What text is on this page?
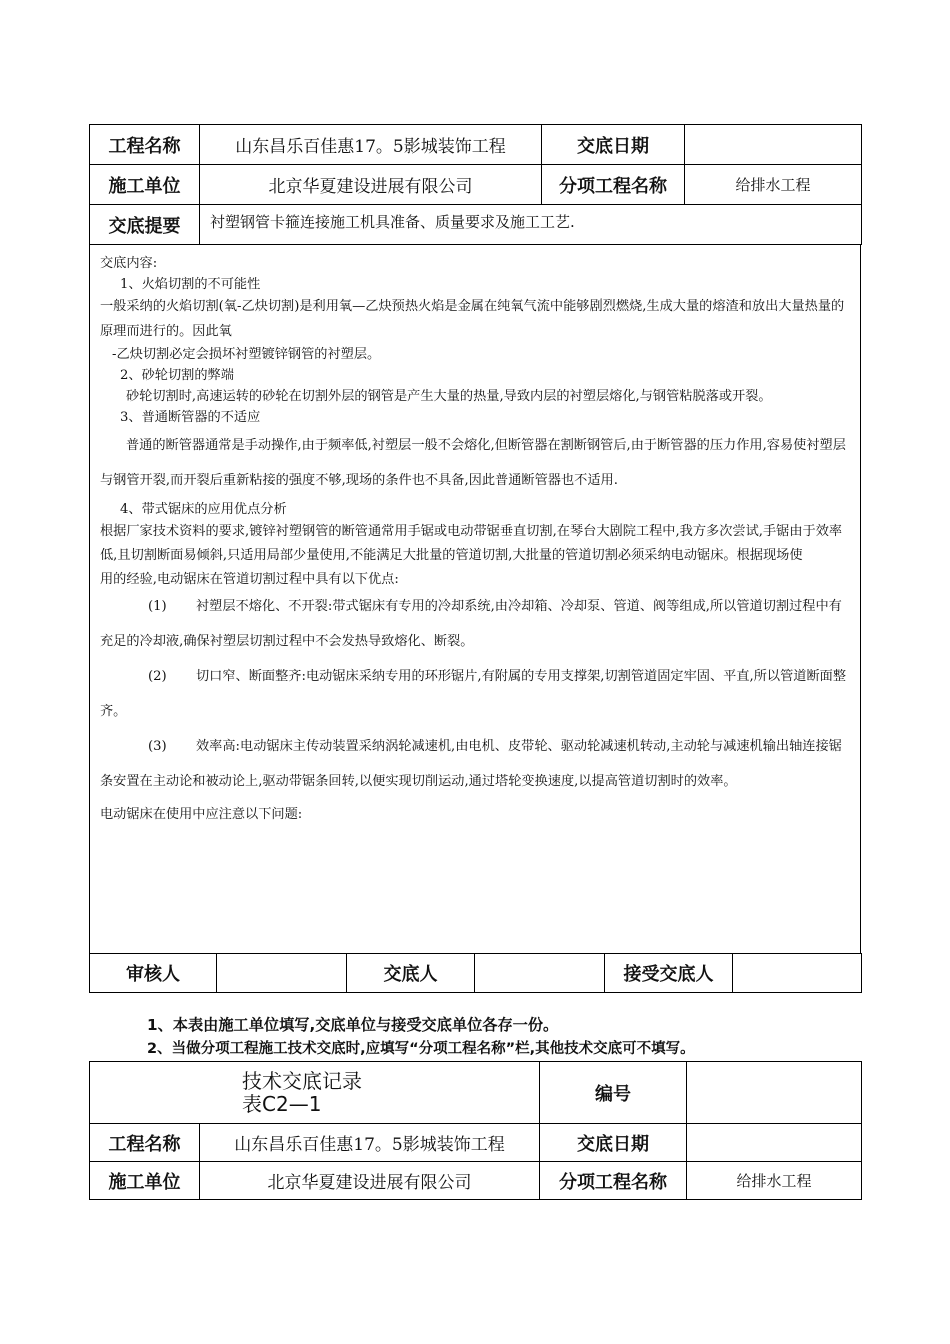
工程名称	山东昌乐百佳惠17。5影城装饰工程	交底日期	
施工单位	北京华夏建设进展有限公司	分项工程名称	给排水工程
交底提要	衬塑钢管卡箍连接施工机具准备、质量要求及施工工艺.		

交底内容:

1、火焰切割的不可能性

一般采纳的火焰切割(氧-乙炔切割)是利用氧—乙炔预热火焰是金属在纯氧气流中能够剧烈燃烧,生成大量的熔渣和放出大量热量的原理而进行的。因此氧

-乙炔切割必定会损坏衬塑镀锌钢管的衬塑层。

2、砂轮切割的弊端

砂轮切割时,高速运转的砂轮在切割外层的钢管是产生大量的热量,导致内层的衬塑层熔化,与钢管粘脱落或开裂。

3、普通断管器的不适应

普通的断管器通常是手动操作,由于频率低,衬塑层一般不会熔化,但断管器在割断钢管后,由于断管器的压力作用,容易使衬塑层与钢管开裂,而开裂后重新粘接的强度不够,现场的条件也不具备,因此普通断管器也不适用.

4、带式锯床的应用优点分析

根据厂家技术资料的要求,镀锌衬塑钢管的断管通常用手锯或电动带锯垂直切割,在琴台大剧院工程中,我方多次尝试,手锯由于效率低,且切割断面易倾斜,只适用局部少量使用,不能满足大批量的管道切割,大批量的管道切割必须采纳电动锯床。根据现场使

用的经验,电动锯床在管道切割过程中具有以下优点:

(1) 衬塑层不熔化、不开裂:带式锯床有专用的冷却系统,由冷却箱、冷却泵、管道、阀等组成,所以管道切割过程中有充足的冷却液,确保衬塑层切割过程中不会发热导致熔化、断裂。
(2) 切口窄、断面整齐:电动锯床采纳专用的环形锯片,有附属的专用支撑架,切割管道固定牢固、平直,所以管道断面整齐。
(3) 效率高:电动锯床主传动装置采纳涡轮减速机,由电机、皮带轮、驱动轮减速机转动,主动轮与减速机输出轴连接锯条安置在主动论和被动论上,驱动带锯条回转,以便实现切削运动,通过塔轮变换速度,以提高管道切割时的效率。

电动锯床在使用中应注意以下问题:

审核人		交底人		接受交底人	
1、本表由施工单位填写,交底单位与接受交底单位各存一份。
2、当做分项工程施工技术交底时,应填写“分项工程名称”栏,其他技术交底可不填写。
技术交底记录
表C2—1		编号	
工程名称	山东昌乐百佳惠17。5影城装饰工程	交底日期	
施工单位	北京华夏建设进展有限公司	分项工程名称	给排水工程
